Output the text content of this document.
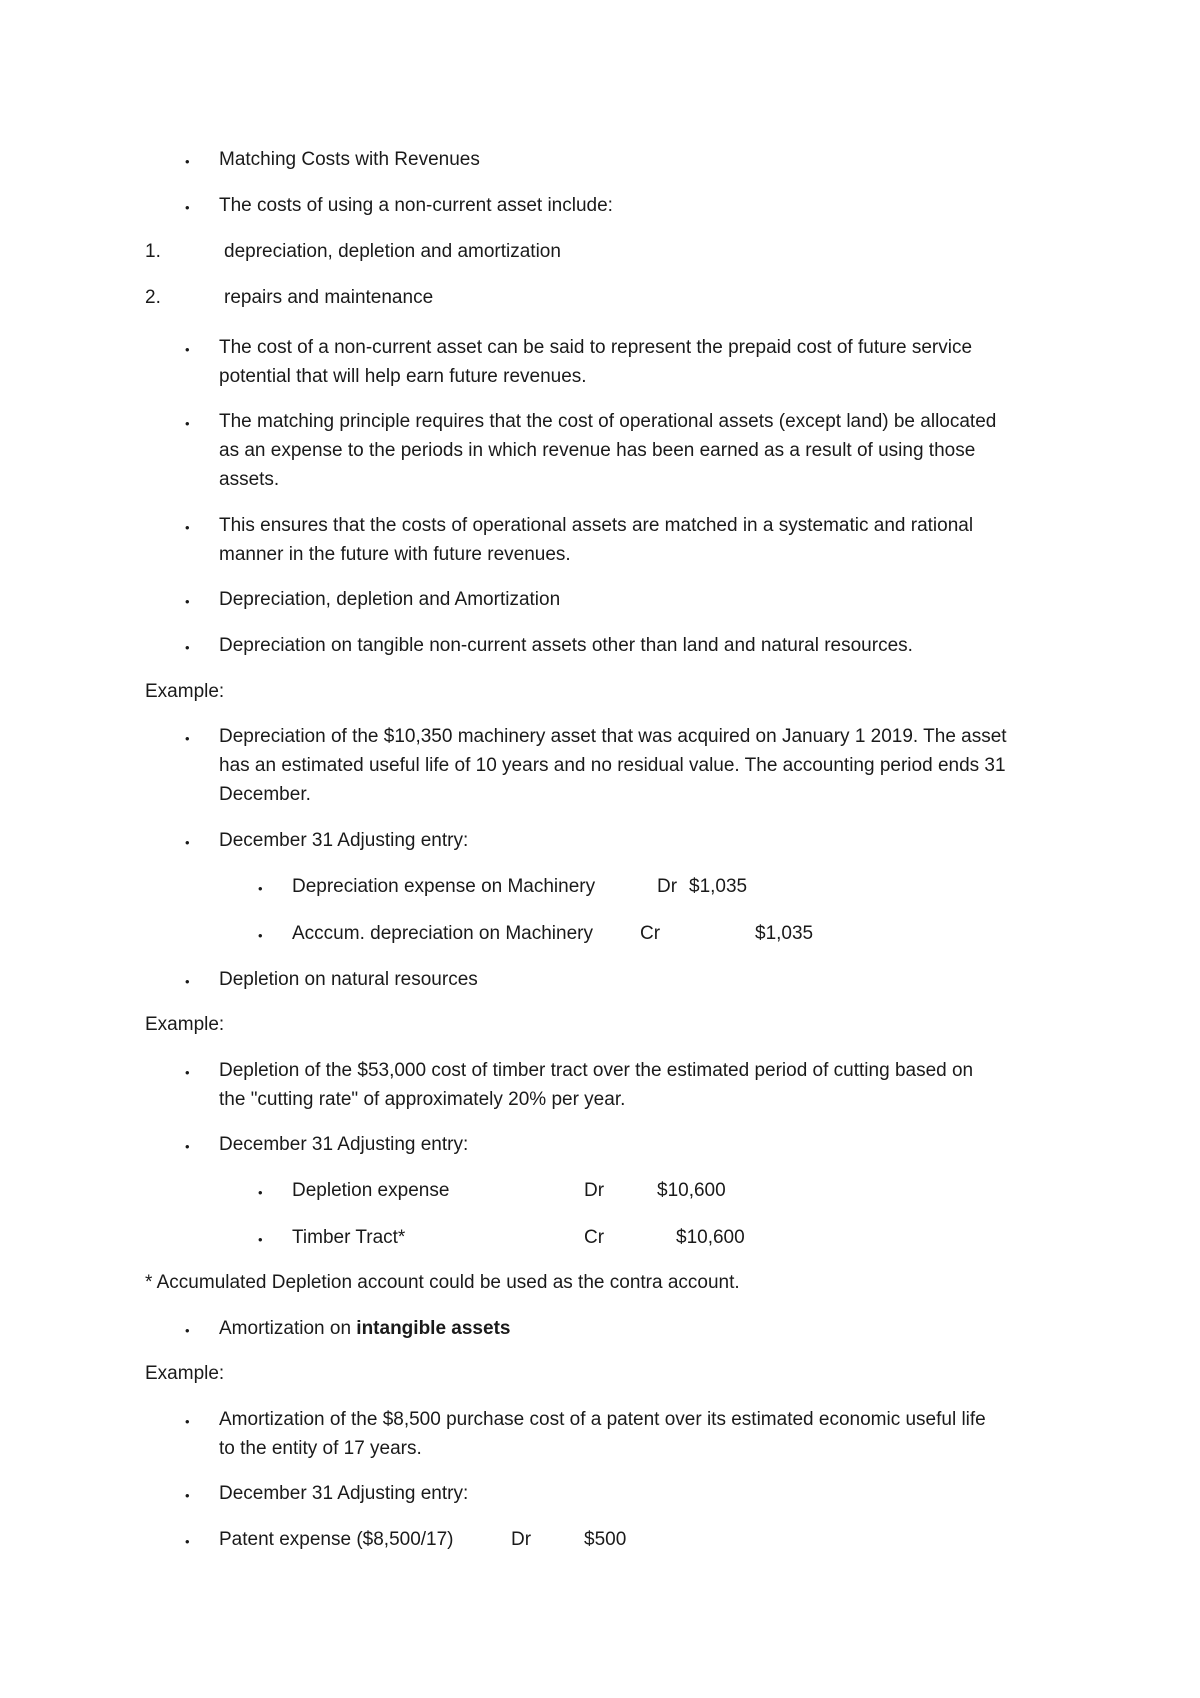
• Matching Costs with Revenues
• The costs of using a non-current asset include:
1.	depreciation, depletion and amortization
2.	repairs and maintenance
• The cost of a non-current asset can be said to represent the prepaid cost of future service
potential that will help earn future revenues.
• The matching principle requires that the cost of operational assets (except land) be allocated
as an expense to the periods in which revenue has been earned as a result of using those
assets.
• This ensures that the costs of operational assets are matched in a systematic and rational
manner in the future with future revenues.
• Depreciation, depletion and Amortization
• Depreciation on tangible non-current assets other than land and natural resources.
Example:
• Depreciation of the $10,350 machinery asset that was acquired on January 1 2019. The asset
has an estimated useful life of 10 years and no residual value. The accounting period ends 31
December.
• December 31 Adjusting entry:
• Depreciation expense on Machinery	Dr $1,035
• Acccum. depreciation on Machinery Cr	$1,035
• Depletion on natural resources
Example:
• Depletion of the $53,000 cost of timber tract over the estimated period of cutting based on
the "cutting rate" of approximately 20% per year.
• December 31 Adjusting entry:
• Depletion expense	Dr	$10,600
• Timber Tract*	Cr	$10,600
* Accumulated Depletion account could be used as the contra account.
• Amortization on intangible assets
Example:
• Amortization of the $8,500 purchase cost of a patent over its estimated economic useful life
to the entity of 17 years.
• December 31 Adjusting entry:
• Patent expense ($8,500/17)	Dr	$500
